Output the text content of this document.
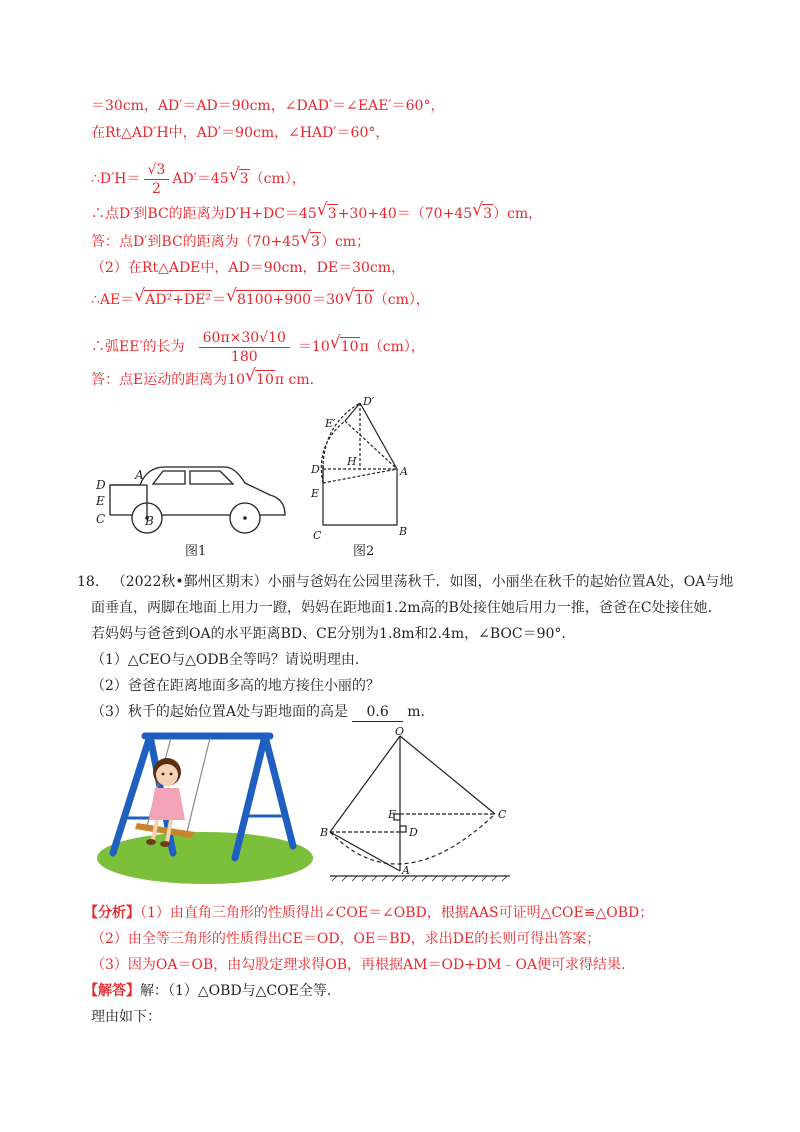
＝30cm，AD′＝AD＝90cm，∠DAD′＝∠EAE′＝60°，
在Rt△AD′H中，AD′＝90cm，∠HAD′＝60°，
∴D′H＝ $\frac{√3}{2} AD'=45√$ 3（cm），
∴点D′到BC的距离为D′H+DC＝45√ 3+30+40＝（70+45√ 3）cm，
答：点D′到BC的距离为（70+45√ 3）cm；
（2）在Rt△ADE中，AD＝90cm，DE＝30cm，
∴AE＝√ AD²+DE²＝√ 8100+900＝30√ 10（cm），
∴弧EE′的长为 $\frac{60\pi\times 30√10}{180} =10√$ 10π（cm），
答：点E运动的距离为10√ 10π cm.
D
E
C
A
B
图1
D′
E′
H
D	A
E
C	B
图2
18. （2022秋•鄞州区期末）小丽与爸妈在公园里荡秋千．如图，小丽坐在秋千的起始位置A处，OA与地
面垂直，两脚在地面上用力一蹬，妈妈在距地面1.2m高的B处接住她后用力一推，爸爸在C处接住她．
若妈妈与爸爸到OA的水平距离BD、CE分别为1.8m和2.4m，∠BOC＝90°.
（1）△CEO与△ODB全等吗？请说明理由.
（2）爸爸在距离地面多高的地方接住小丽的？
（3）秋千的起始位置A处与距地面的高是 0.6 m.
O
E	C
B	D
A
【分析】（1）由直角三角形的性质得出∠COE＝∠OBD，根据AAS可证明△COE≌△OBD；
（2）由全等三角形的性质得出CE＝OD，OE＝BD，求出DE的长则可得出答案；
（3）因为OA＝OB，由勾股定理求得OB，再根据AM＝OD+DM﹣OA便可求得结果.
【解答】解：（1）△OBD与△COE全等.
理由如下：
